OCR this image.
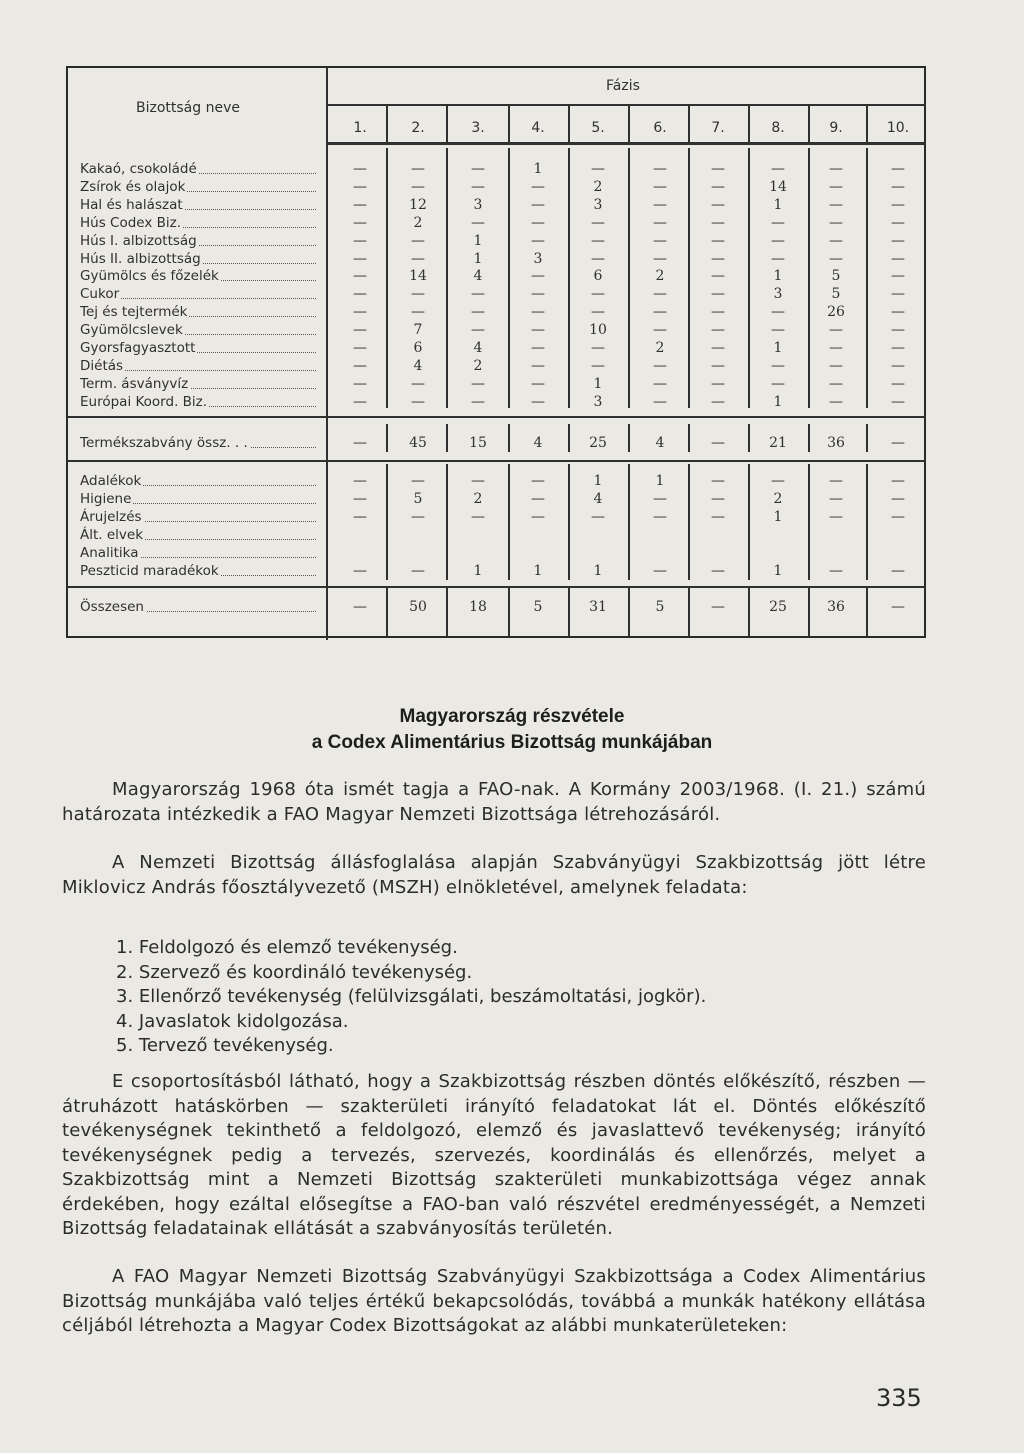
Bizottság neve
Fázis
1.	2.	3.	4.	5.	6.	7.	8.	9.	10.
Kakaó, csokoládé	—	—	—	1	—	—	—	—	—	—
Zsírok és olajok	—	—	—	—	2	—	—	14	—	—
Hal és halászat	—	12	3	—	3	—	—	1	—	—
Hús Codex Biz.	—	2	—	—	—	—	—	—	—	—
Hús I. albizottság	—	—	1	—	—	—	—	—	—	—
Hús II. albizottság	—	—	1	3	—	—	—	—	—	—
Gyümölcs és főzelék	—	14	4	—	6	2	—	1	5	—
Cukor	—	—	—	—	—	—	—	3	5	—
Tej és tejtermék	—	—	—	—	—	—	—	—	26	—
Gyümölcslevek	—	7	—	—	10	—	—	—	—	—
Gyorsfagyasztott	—	6	4	—	—	2	—	1	—	—
Diétás	—	4	2	—	—	—	—	—	—	—
Term. ásványvíz	—	—	—	—	1	—	—	—	—	—
Európai Koord. Biz.	—	—	—	—	3	—	—	1	—	—
Termékszabvány össz. . .	—	45	15	4	25	4	—	21	36	—
Adalékok	—	—	—	—	1	1	—	—	—	—
Higiene	—	5	2	—	4	—	—	2	—	—
Árujelzés	—	—	—	—	—	—	—	1	—	—
Ált. elvek
Analitika
Peszticid maradékok	—	—	1	1	1	—	—	1	—	—
Összesen	—	50	18	5	31	5	—	25	36	—
Magyarország részvétele
a Codex Alimentárius Bizottság munkájában
Magyarország 1968 óta ismét tagja a FAO-nak. A Kormány 2003/1968. (I. 21.) számú határozata intézkedik a FAO Magyar Nemzeti Bizottsága létrehozásáról.
A Nemzeti Bizottság állásfoglalása alapján Szabványügyi Szakbizottság jött létre Miklovicz András főosztályvezető (MSZH) elnökletével, amelynek feladata:
1. Feldolgozó és elemző tevékenység.
2. Szervező és koordináló tevékenység.
3. Ellenőrző tevékenység (felülvizsgálati, beszámoltatási, jogkör).
4. Javaslatok kidolgozása.
5. Tervező tevékenység.
E csoportosításból látható, hogy a Szakbizottság részben döntés előkészítő, részben — átruházott hatáskörben — szakterületi irányító feladatokat lát el. Döntés előkészítő tevékenységnek tekinthető a feldolgozó, elemző és javaslattevő tevékenység; irányító tevékenységnek pedig a tervezés, szervezés, koordinálás és ellenőrzés, melyet a Szakbizottság mint a Nemzeti Bizottság szakterületi munkabizottsága végez annak érdekében, hogy ezáltal elősegítse a FAO-ban való részvétel eredményességét, a Nemzeti Bizottság feladatainak ellátását a szabványosítás területén.
A FAO Magyar Nemzeti Bizottság Szabványügyi Szakbizottsága a Codex Alimentárius Bizottság munkájába való teljes értékű bekapcsolódás, továbbá a munkák hatékony ellátása céljából létrehozta a Magyar Codex Bizottságokat az alábbi munkaterületeken:
335
